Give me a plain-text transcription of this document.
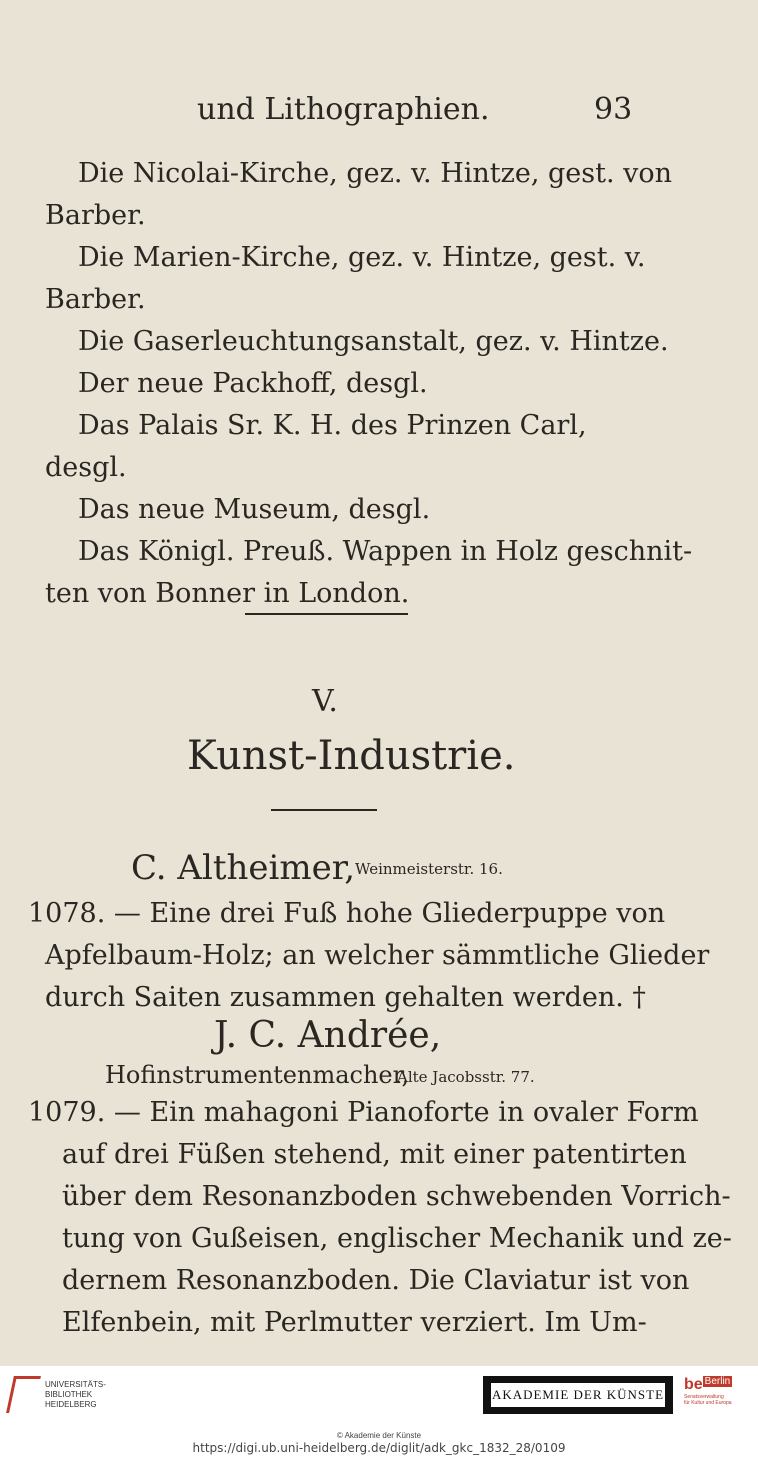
und Lithographien.	93
Die Nicolai-Kirche, gez. v. Hintze, gest. von
Barber.
Die Marien-Kirche, gez. v. Hintze, gest. v.
Barber.
Die Gaserleuchtungsanstalt, gez. v. Hintze.
Der neue Packhoff, desgl.
Das Palais Sr. K. H. des Prinzen Carl,
desgl.
Das neue Museum, desgl.
Das Königl. Preuß. Wappen in Holz geschnit-
ten von Bonner in London.
V.
Kunst-Industrie.
C. Altheimer, Weinmeisterstr. 16.
1078. — Eine drei Fuß hohe Gliederpuppe von
Apfelbaum-Holz; an welcher sämmtliche Glieder
durch Saiten zusammen gehalten werden. †
J. C. Andrée,
Hofinstrumentenmacher,
Alte Jacobsstr. 77.
1079. — Ein mahagoni Pianoforte in ovaler Form
auf drei Füßen stehend, mit einer patentirten
über dem Resonanzboden schwebenden Vorrich-
tung von Gußeisen, englischer Mechanik und ze-
dernem Resonanzboden. Die Claviatur ist von
Elfenbein, mit Perlmutter verziert. Im Um-
UNIVERSITÄTS-
BIBLIOTHEK
HEIDELBERG
AKADEMIE DER KÜNSTE
be Berlin
Senatsverwaltung
für Kultur und Europa
© Akademie der Künste
https://digi.ub.uni-heidelberg.de/diglit/adk_gkc_1832_28/0109
